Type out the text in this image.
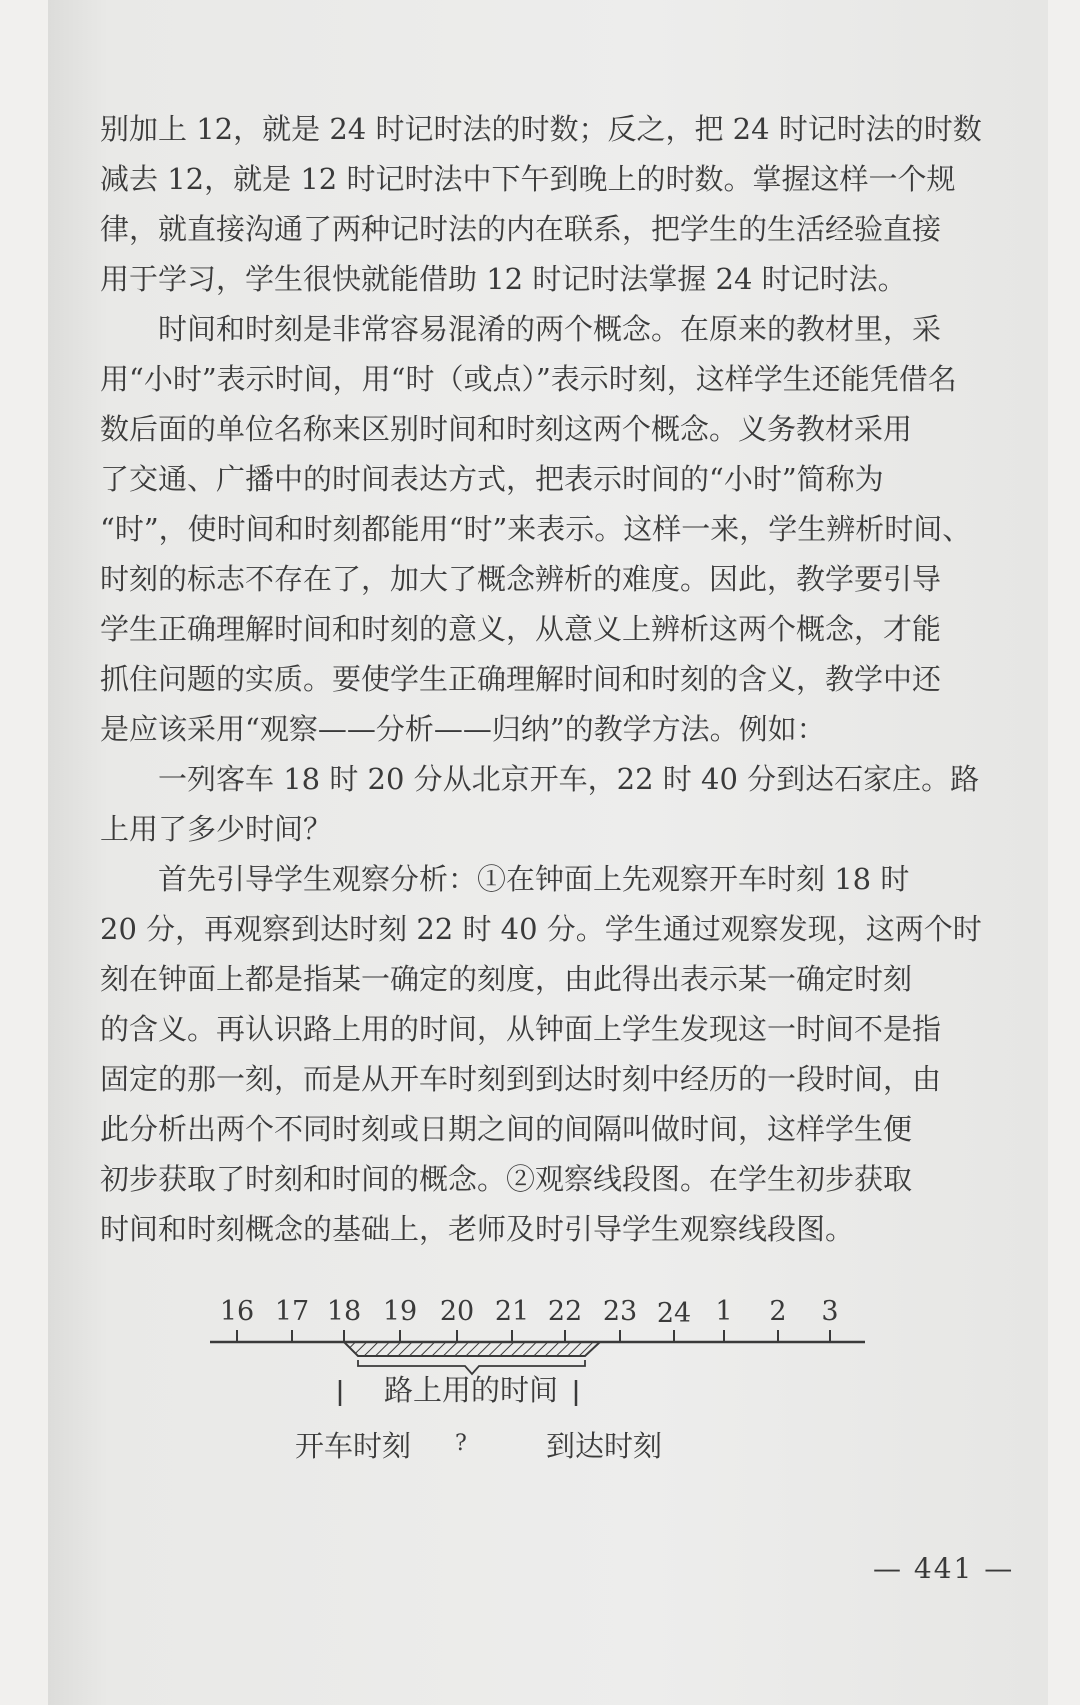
别加上 12，就是 24 时记时法的时数；反之，把 24 时记时法的时数
减去 12，就是 12 时记时法中下午到晚上的时数。掌握这样一个规
律，就直接沟通了两种记时法的内在联系，把学生的生活经验直接
用于学习，学生很快就能借助 12 时记时法掌握 24 时记时法。
时间和时刻是非常容易混淆的两个概念。在原来的教材里，采
用“小时”表示时间，用“时（或点）”表示时刻，这样学生还能凭借名
数后面的单位名称来区别时间和时刻这两个概念。义务教材采用
了交通、广播中的时间表达方式，把表示时间的“小时”简称为
“时”，使时间和时刻都能用“时”来表示。这样一来，学生辨析时间、
时刻的标志不存在了，加大了概念辨析的难度。因此，教学要引导
学生正确理解时间和时刻的意义，从意义上辨析这两个概念，才能
抓住问题的实质。要使学生正确理解时间和时刻的含义，教学中还
是应该采用“观察——分析——归纳”的教学方法。例如：
一列客车 18 时 20 分从北京开车，22 时 40 分到达石家庄。路
上用了多少时间？
首先引导学生观察分析：①在钟面上先观察开车时刻 18 时
20 分，再观察到达时刻 22 时 40 分。学生通过观察发现，这两个时
刻在钟面上都是指某一确定的刻度，由此得出表示某一确定时刻
的含义。再认识路上用的时间，从钟面上学生发现这一时间不是指
固定的那一刻，而是从开车时刻到到达时刻中经历的一段时间，由
此分析出两个不同时刻或日期之间的间隔叫做时间，这样学生便
初步获取了时刻和时间的概念。②观察线段图。在学生初步获取
时间和时刻概念的基础上，老师及时引导学生观察线段图。
16 17 18 19 20 21 22 23 24 1 2 3
路上用的时间
开车时刻 ?	到达时刻
— 441 —
